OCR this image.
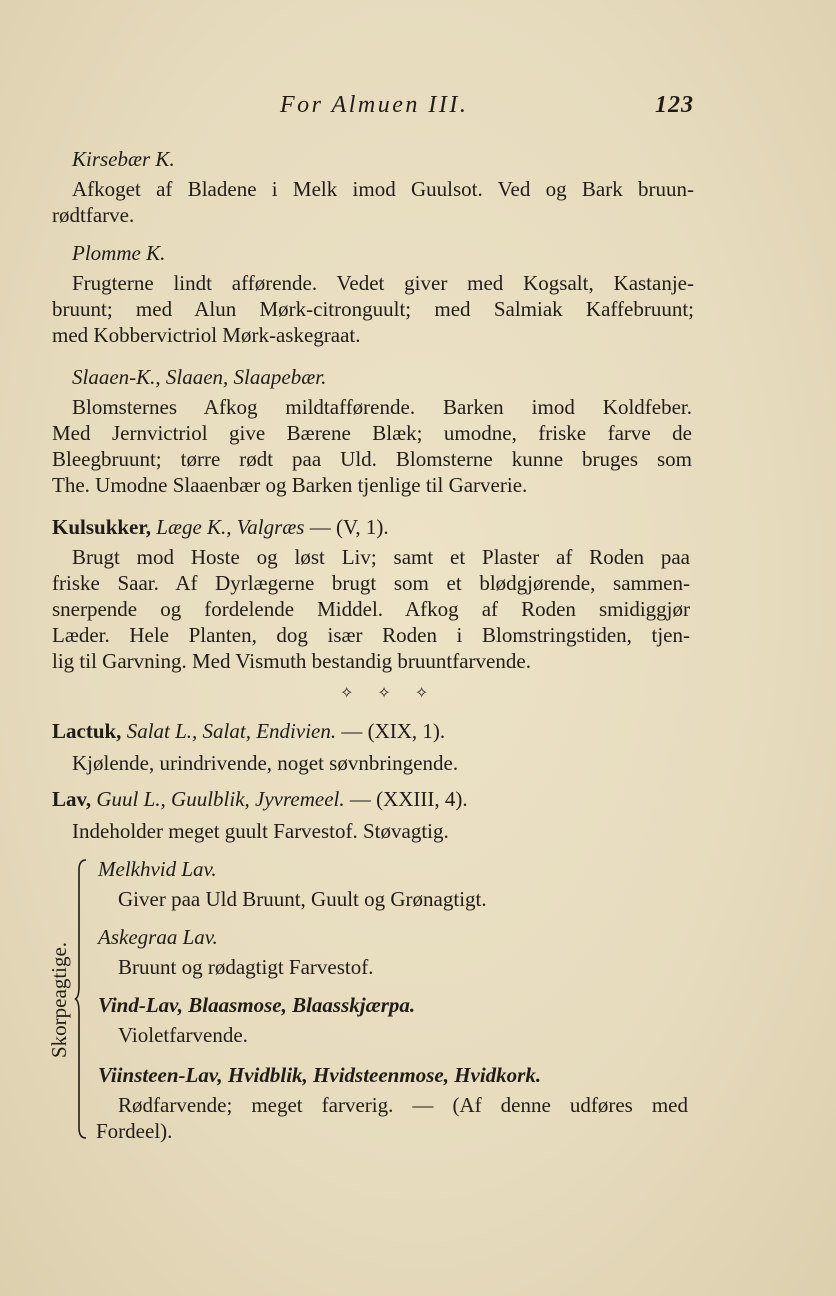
For Almuen III.	123
Kirsebær K.
Afkoget af Bladene i Melk imod Guulsot. Ved og Bark bruun-
rødtfarve.
Plomme K.
Frugterne lindt afførende. Vedet giver med Kogsalt, Kastanje-
bruunt; med Alun Mørk-citronguult; med Salmiak Kaffebruunt;
med Kobbervictriol Mørk-askegraat.
Slaaen-K., Slaaen, Slaapebær.
Blomsternes Afkog mildtafførende. Barken imod Koldfeber.
Med Jernvictriol give Bærene Blæk; umodne, friske farve de
Bleegbruunt; tørre rødt paa Uld. Blomsterne kunne bruges som
The. Umodne Slaaenbær og Barken tjenlige til Garverie.
Kulsukker, Læge K., Valgræs — (V, 1).
Brugt mod Hoste og løst Liv; samt et Plaster af Roden paa
friske Saar. Af Dyrlægerne brugt som et blødgjørende, sammen-
snerpende og fordelende Middel. Afkog af Roden smidiggjør
Læder. Hele Planten, dog især Roden i Blomstringstiden, tjen-
lig til Garvning. Med Vismuth bestandig bruuntfarvende.
✧ ✧ ✧
Lactuk, Salat L., Salat, Endivien. — (XIX, 1).
Kjølende, urindrivende, noget søvnbringende.
Lav, Guul L., Guulblik, Jyvremeel. — (XXIII, 4).
Indeholder meget guult Farvestof. Støvagtig.
Skorpeagtige.
Melkhvid Lav.
Giver paa Uld Bruunt, Guult og Grønagtigt.
Askegraa Lav.
Bruunt og rødagtigt Farvestof.
Vind-Lav, Blaasmose, Blaasskjærpa.
Violetfarvende.
Viinsteen-Lav, Hvidblik, Hvidsteenmose, Hvidkork.
Rødfarvende; meget farverig. — (Af denne udføres med
Fordeel).
